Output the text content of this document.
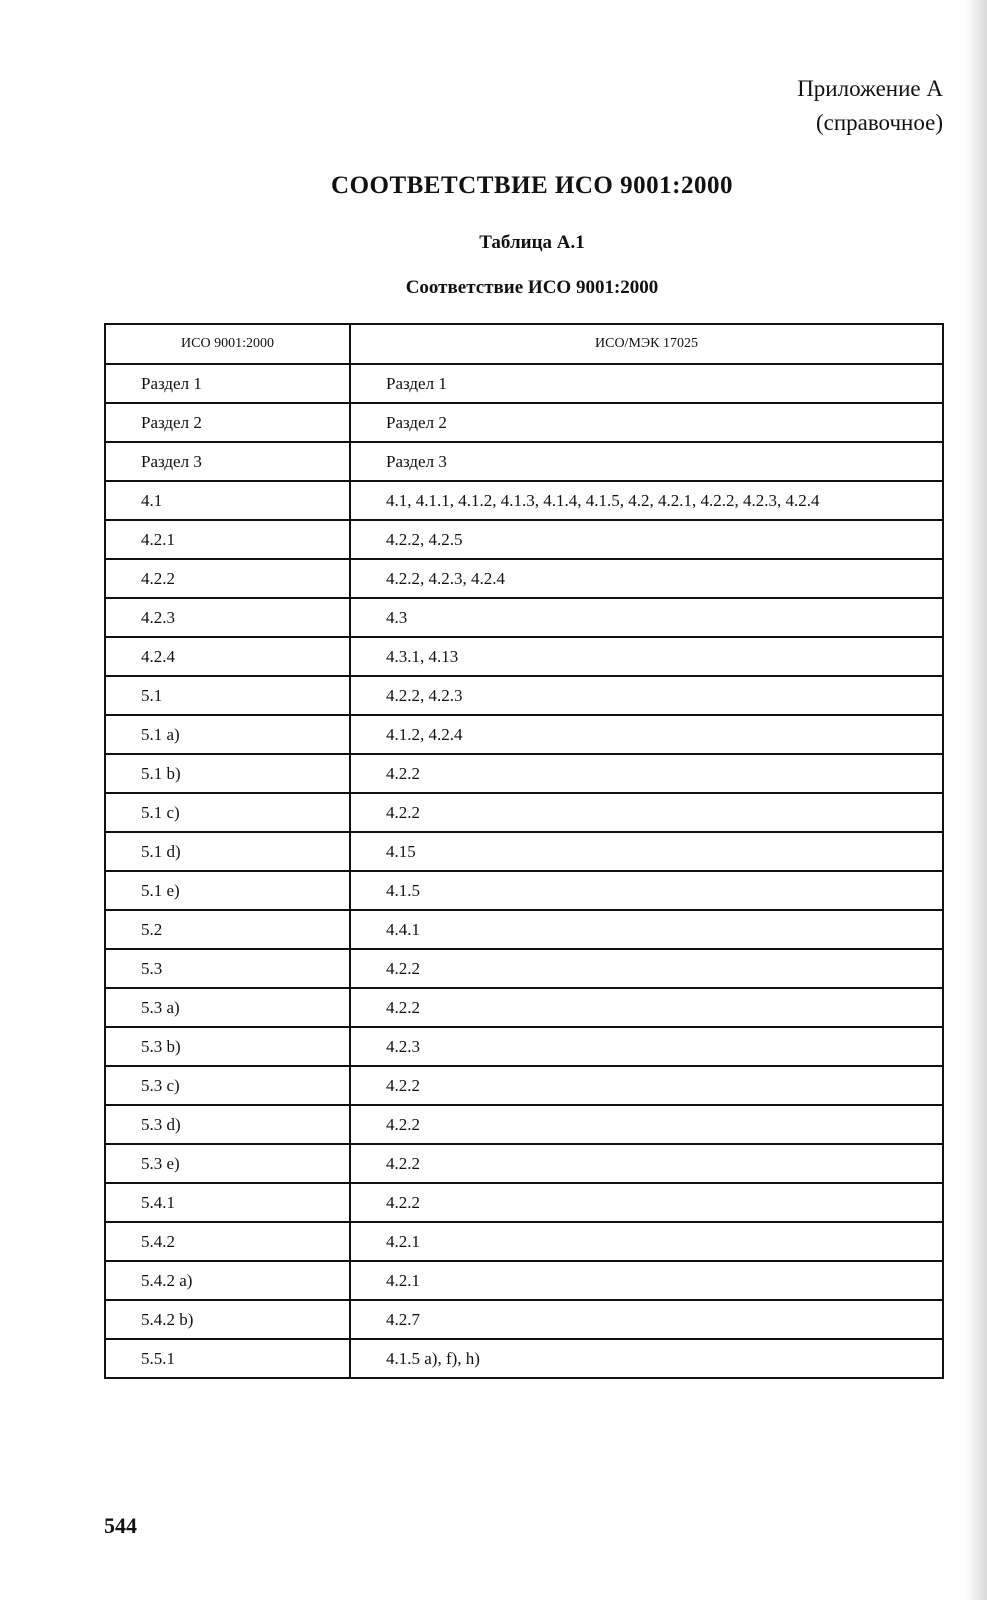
Приложение А
(справочное)
СООТВЕТСТВИЕ ИСО 9001:2000
Таблица А.1
Соответствие ИСО 9001:2000
ИСО 9001:2000	ИСО/МЭК 17025
Раздел 1	Раздел 1
Раздел 2	Раздел 2
Раздел 3	Раздел 3
4.1	4.1, 4.1.1, 4.1.2, 4.1.3, 4.1.4, 4.1.5, 4.2, 4.2.1, 4.2.2, 4.2.3, 4.2.4
4.2.1	4.2.2, 4.2.5
4.2.2	4.2.2, 4.2.3, 4.2.4
4.2.3	4.3
4.2.4	4.3.1, 4.13
5.1	4.2.2, 4.2.3
5.1 a)	4.1.2, 4.2.4
5.1 b)	4.2.2
5.1 c)	4.2.2
5.1 d)	4.15
5.1 e)	4.1.5
5.2	4.4.1
5.3	4.2.2
5.3 a)	4.2.2
5.3 b)	4.2.3
5.3 c)	4.2.2
5.3 d)	4.2.2
5.3 e)	4.2.2
5.4.1	4.2.2
5.4.2	4.2.1
5.4.2 a)	4.2.1
5.4.2 b)	4.2.7
5.5.1	4.1.5 a), f), h)
544
